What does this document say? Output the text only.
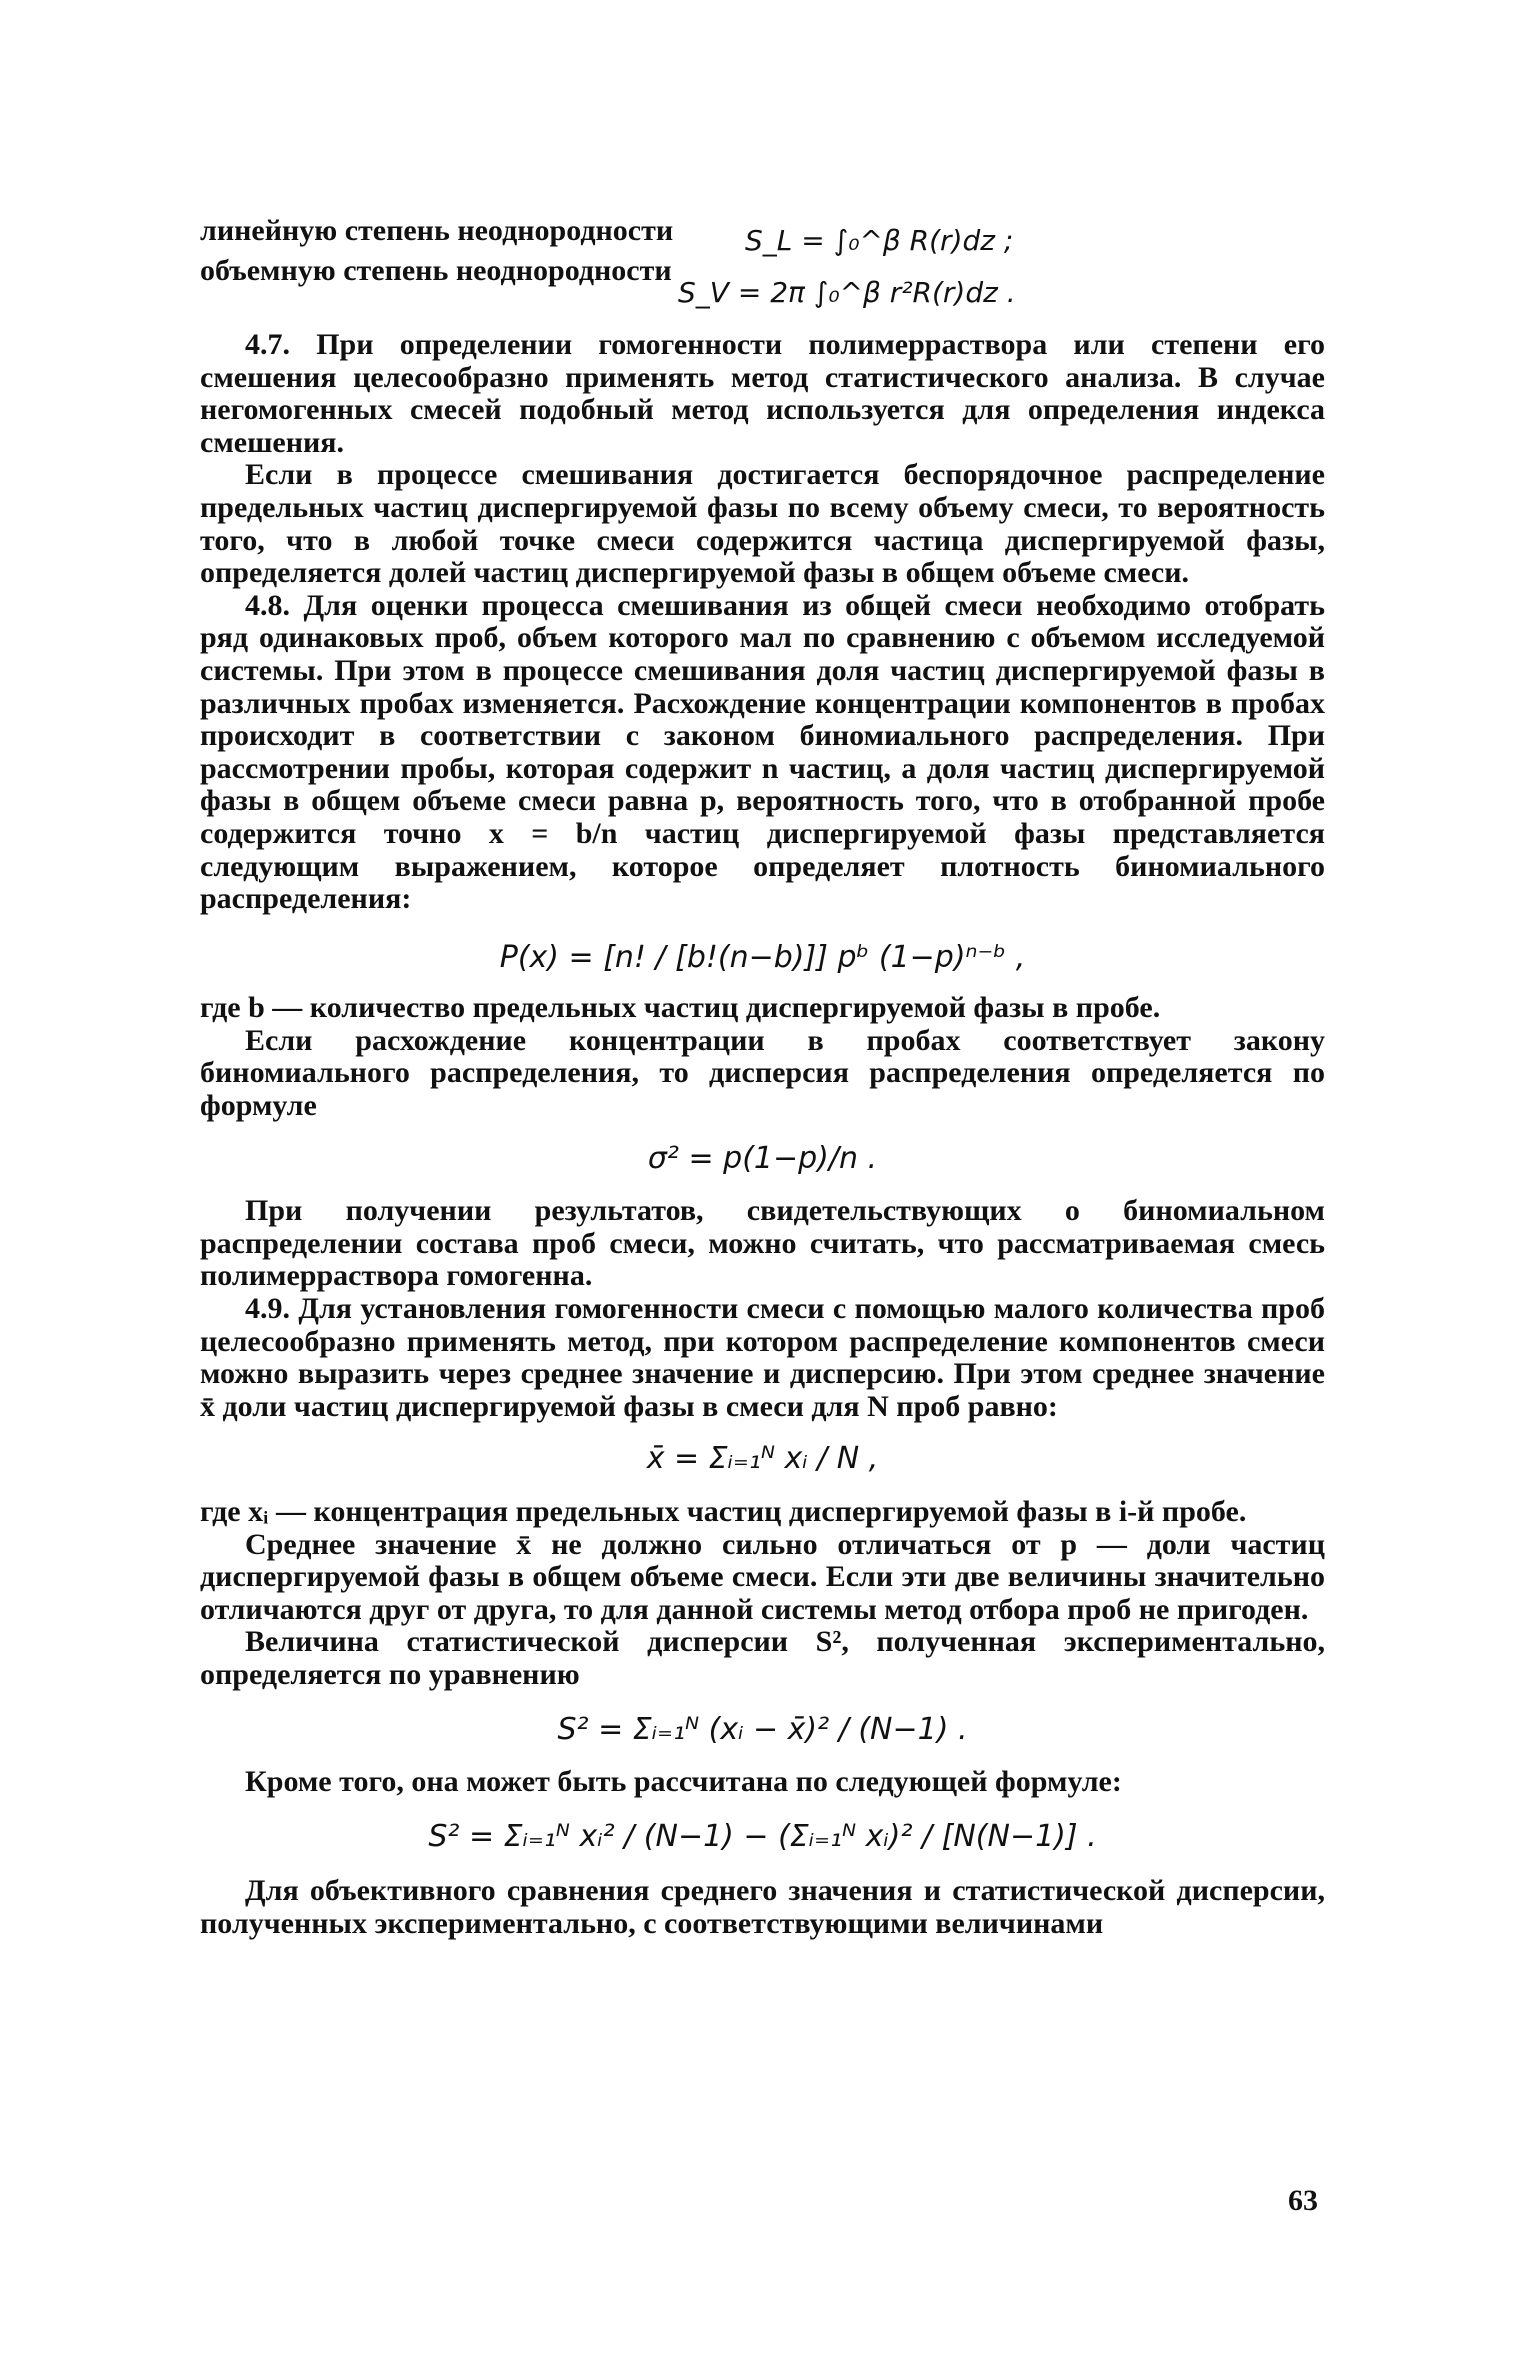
линейную степень неоднородности	S_L = ∫₀^β R(r)dz ;
объемную степень неоднородности
S_V = 2π ∫₀^β r²R(r)dz .

4.7. При определении гомогенности полимерраствора или степени его смешения целесообразно применять метод статистического анализа. В случае негомогенных смесей подобный метод используется для определения индекса смешения.

Если в процессе смешивания достигается беспорядочное распределение предельных частиц диспергируемой фазы по всему объему смеси, то вероятность того, что в любой точке смеси содержится частица диспергируемой фазы, определяется долей частиц диспергируемой фазы в общем объеме смеси.

4.8. Для оценки процесса смешивания из общей смеси необходимо отобрать ряд одинаковых проб, объем которого мал по сравнению с объемом исследуемой системы. При этом в процессе смешивания доля частиц диспергируемой фазы в различных пробах изменяется. Расхождение концентрации компонентов в пробах происходит в соответствии с законом биномиального распределения. При рассмотрении пробы, которая содержит n частиц, а доля частиц диспергируемой фазы в общем объеме смеси равна p, вероятность того, что в отобранной пробе содержится точно x = b/n частиц диспергируемой фазы представляется следующим выражением, которое определяет плотность биномиального распределения:

P(x) = [n! / [b!(n−b)]] pᵇ (1−p)ⁿ⁻ᵇ ,

где b — количество предельных частиц диспергируемой фазы в пробе.

Если расхождение концентрации в пробах соответствует закону биномиального распределения, то дисперсия распределения определяется по формуле

σ² = p(1−p)/n .

При получении результатов, свидетельствующих о биномиальном распределении состава проб смеси, можно считать, что рассматриваемая смесь полимерраствора гомогенна.

4.9. Для установления гомогенности смеси с помощью малого количества проб целесообразно применять метод, при котором распределение компонентов смеси можно выразить через среднее значение и дисперсию. При этом среднее значение x̄ доли частиц диспергируемой фазы в смеси для N проб равно:

x̄ = Σᵢ₌₁ᴺ xᵢ / N ,

где xᵢ — концентрация предельных частиц диспергируемой фазы в i-й пробе.

Среднее значение x̄ не должно сильно отличаться от p — доли частиц диспергируемой фазы в общем объеме смеси. Если эти две величины значительно отличаются друг от друга, то для данной системы метод отбора проб не пригоден.

Величина статистической дисперсии S², полученная экспериментально, определяется по уравнению

S² = Σᵢ₌₁ᴺ (xᵢ − x̄)² / (N−1) .

Кроме того, она может быть рассчитана по следующей формуле:

S² = Σᵢ₌₁ᴺ xᵢ² / (N−1) − (Σᵢ₌₁ᴺ xᵢ)² / [N(N−1)] .

Для объективного сравнения среднего значения и статистической дисперсии, полученных экспериментально, с соответствующими величинами

63
